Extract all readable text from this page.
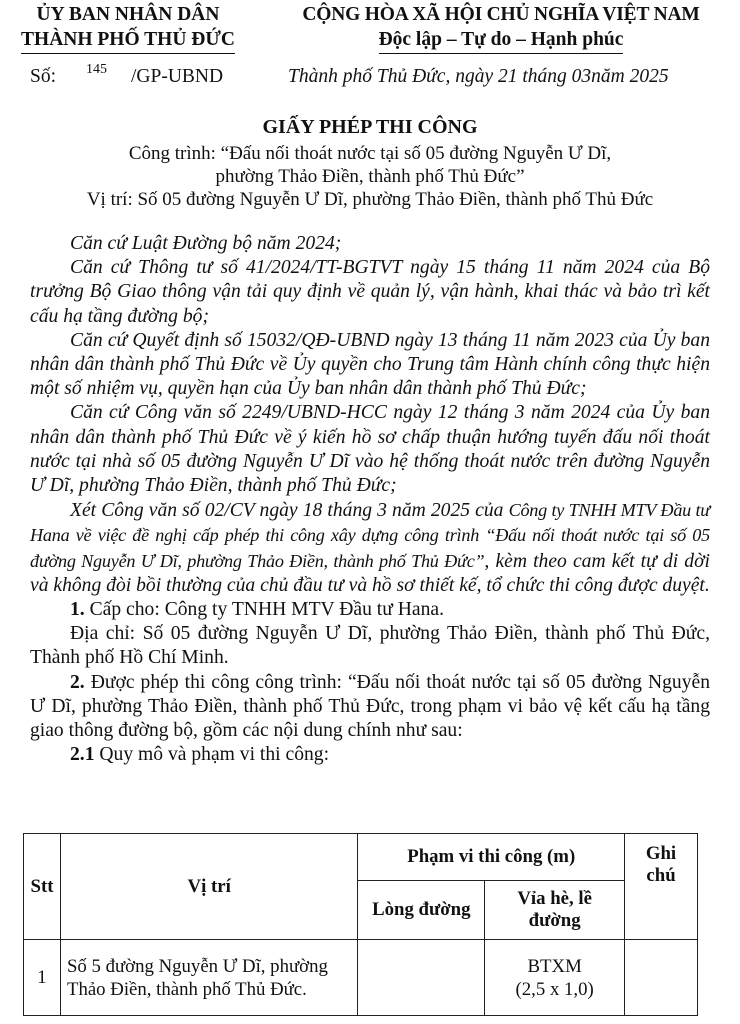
ỦY BAN NHÂN DÂN
THÀNH PHỐ THỦ ĐỨC
CỘNG HÒA XÃ HỘI CHỦ NGHĨA VIỆT NAM
Độc lập – Tự do – Hạnh phúc
Số: 145 /GP-UBND	Thành phố Thủ Đức, ngày 21 tháng 03năm 2025
GIẤY PHÉP THI CÔNG
Công trình: “Đấu nối thoát nước tại số 05 đường Nguyễn Ư Dĩ,
phường Thảo Điền, thành phố Thủ Đức”
Vị trí: Số 05 đường Nguyễn Ư Dĩ, phường Thảo Điền, thành phố Thủ Đức

Căn cứ Luật Đường bộ năm 2024;

Căn cứ Thông tư số 41/2024/TT-BGTVT ngày 15 tháng 11 năm 2024 của Bộ trưởng Bộ Giao thông vận tải quy định về quản lý, vận hành, khai thác và bảo trì kết cấu hạ tầng đường bộ;

Căn cứ Quyết định số 15032/QĐ-UBND ngày 13 tháng 11 năm 2023 của Ủy ban nhân dân thành phố Thủ Đức về Ủy quyền cho Trung tâm Hành chính công thực hiện một số nhiệm vụ, quyền hạn của Ủy ban nhân dân thành phố Thủ Đức;

Căn cứ Công văn số 2249/UBND-HCC ngày 12 tháng 3 năm 2024 của Ủy ban nhân dân thành phố Thủ Đức về ý kiến hồ sơ chấp thuận hướng tuyến đấu nối thoát nước tại nhà số 05 đường Nguyễn Ư Dĩ vào hệ thống thoát nước trên đường Nguyễn Ư Dĩ, phường Thảo Điền, thành phố Thủ Đức;

Xét Công văn số 02/CV ngày 18 tháng 3 năm 2025 của Công ty TNHH MTV Đầu tư Hana về việc đề nghị cấp phép thi công xây dựng công trình “Đấu nối thoát nước tại số 05 đường Nguyễn Ư Dĩ, phường Thảo Điền, thành phố Thủ Đức”, kèm theo cam kết tự di dời và không đòi bồi thường của chủ đầu tư và hồ sơ thiết kế, tổ chức thi công được duyệt.

1. Cấp cho: Công ty TNHH MTV Đầu tư Hana.

Địa chỉ: Số 05 đường Nguyễn Ư Dĩ, phường Thảo Điền, thành phố Thủ Đức, Thành phố Hồ Chí Minh.

2. Được phép thi công công trình: “Đấu nối thoát nước tại số 05 đường Nguyễn Ư Dĩ, phường Thảo Điền, thành phố Thủ Đức, trong phạm vi bảo vệ kết cấu hạ tầng giao thông đường bộ, gồm các nội dung chính như sau:

2.1 Quy mô và phạm vi thi công:

Stt	Vị trí	Phạm vi thi công (m)		Ghi chú
		Lòng đường	Vỉa hè, lề đường	
1	Số 5 đường Nguyễn Ư Dĩ, phường Thảo Điền, thành phố Thủ Đức.		BTXM
(2,5 x 1,0)	
